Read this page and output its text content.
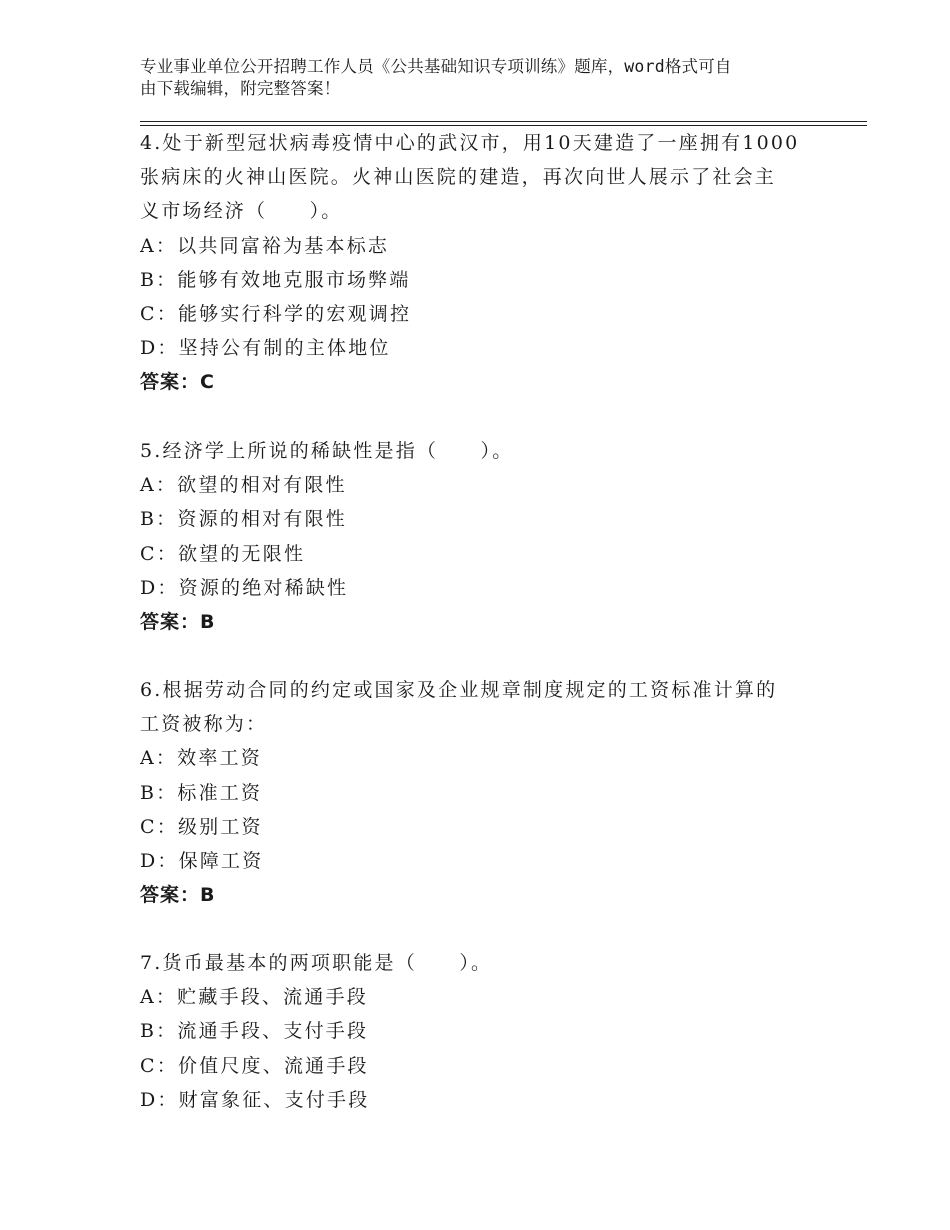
专业事业单位公开招聘工作人员《公共基础知识专项训练》题库，word格式可自
由下载编辑，附完整答案！
4.处于新型冠状病毒疫情中心的武汉市，用10天建造了一座拥有1000
张病床的火神山医院。火神山医院的建造，再次向世人展示了社会主
义市场经济（　　）。
A：以共同富裕为基本标志
B：能够有效地克服市场弊端
C：能够实行科学的宏观调控
D：坚持公有制的主体地位
答案：C
5.经济学上所说的稀缺性是指（　　）。
A：欲望的相对有限性
B：资源的相对有限性
C：欲望的无限性
D：资源的绝对稀缺性
答案：B
6.根据劳动合同的约定或国家及企业规章制度规定的工资标准计算的
工资被称为：
A：效率工资
B：标准工资
C：级别工资
D：保障工资
答案：B
7.货币最基本的两项职能是（　　）。
A：贮藏手段、流通手段
B：流通手段、支付手段
C：价值尺度、流通手段
D：财富象征、支付手段
